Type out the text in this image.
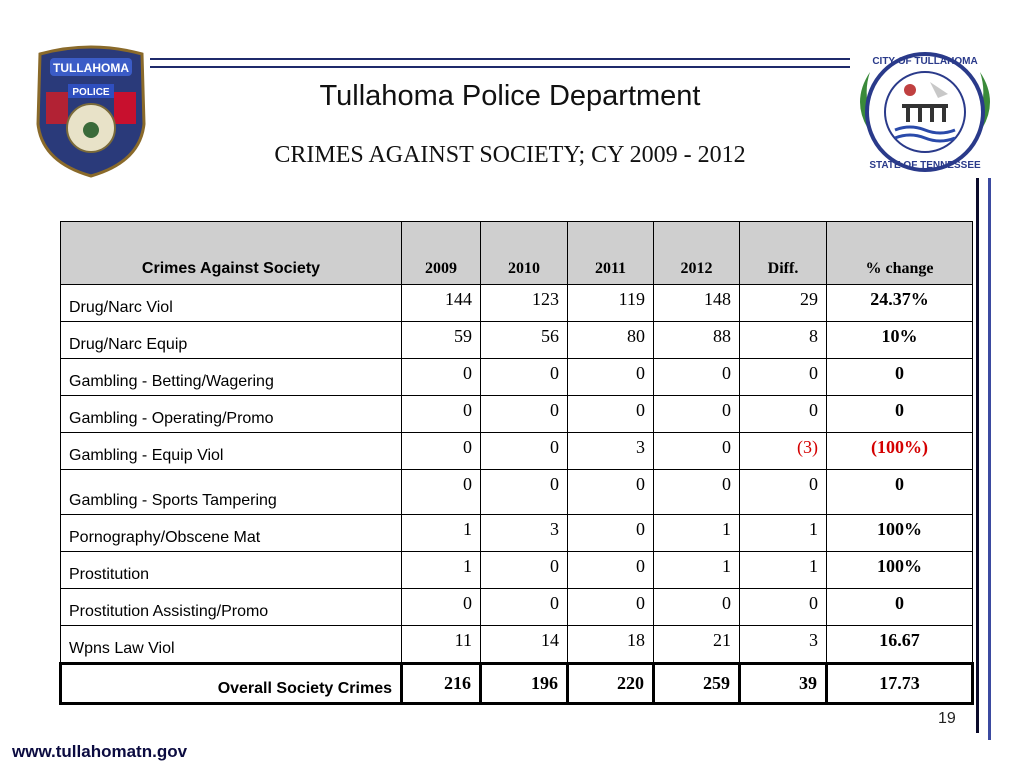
TULLAHOMA
POLICE
CITY OF TULLAHOMA
STATE OF TENNESSEE
Tullahoma Police Department
CRIMES AGAINST SOCIETY; CY 2009 - 2012
Crimes Against Society	2009	2010	2011	2012	Diff.	% change
Drug/Narc Viol	144	123	119	148	29	24.37%
Drug/Narc Equip	59	56	80	88	8	10%
Gambling - Betting/Wagering	0	0	0	0	0	0
Gambling - Operating/Promo	0	0	0	0	0	0
Gambling - Equip Viol	0	0	3	0	(3)	(100%)
Gambling - Sports Tampering	0	0	0	0	0	0
Pornography/Obscene Mat	1	3	0	1	1	100%
Prostitution	1	0	0	1	1	100%
Prostitution Assisting/Promo	0	0	0	0	0	0
Wpns Law Viol	11	14	18	21	3	16.67
Overall Society Crimes	216	196	220	259	39	17.73
19
www.tullahomatn.gov
